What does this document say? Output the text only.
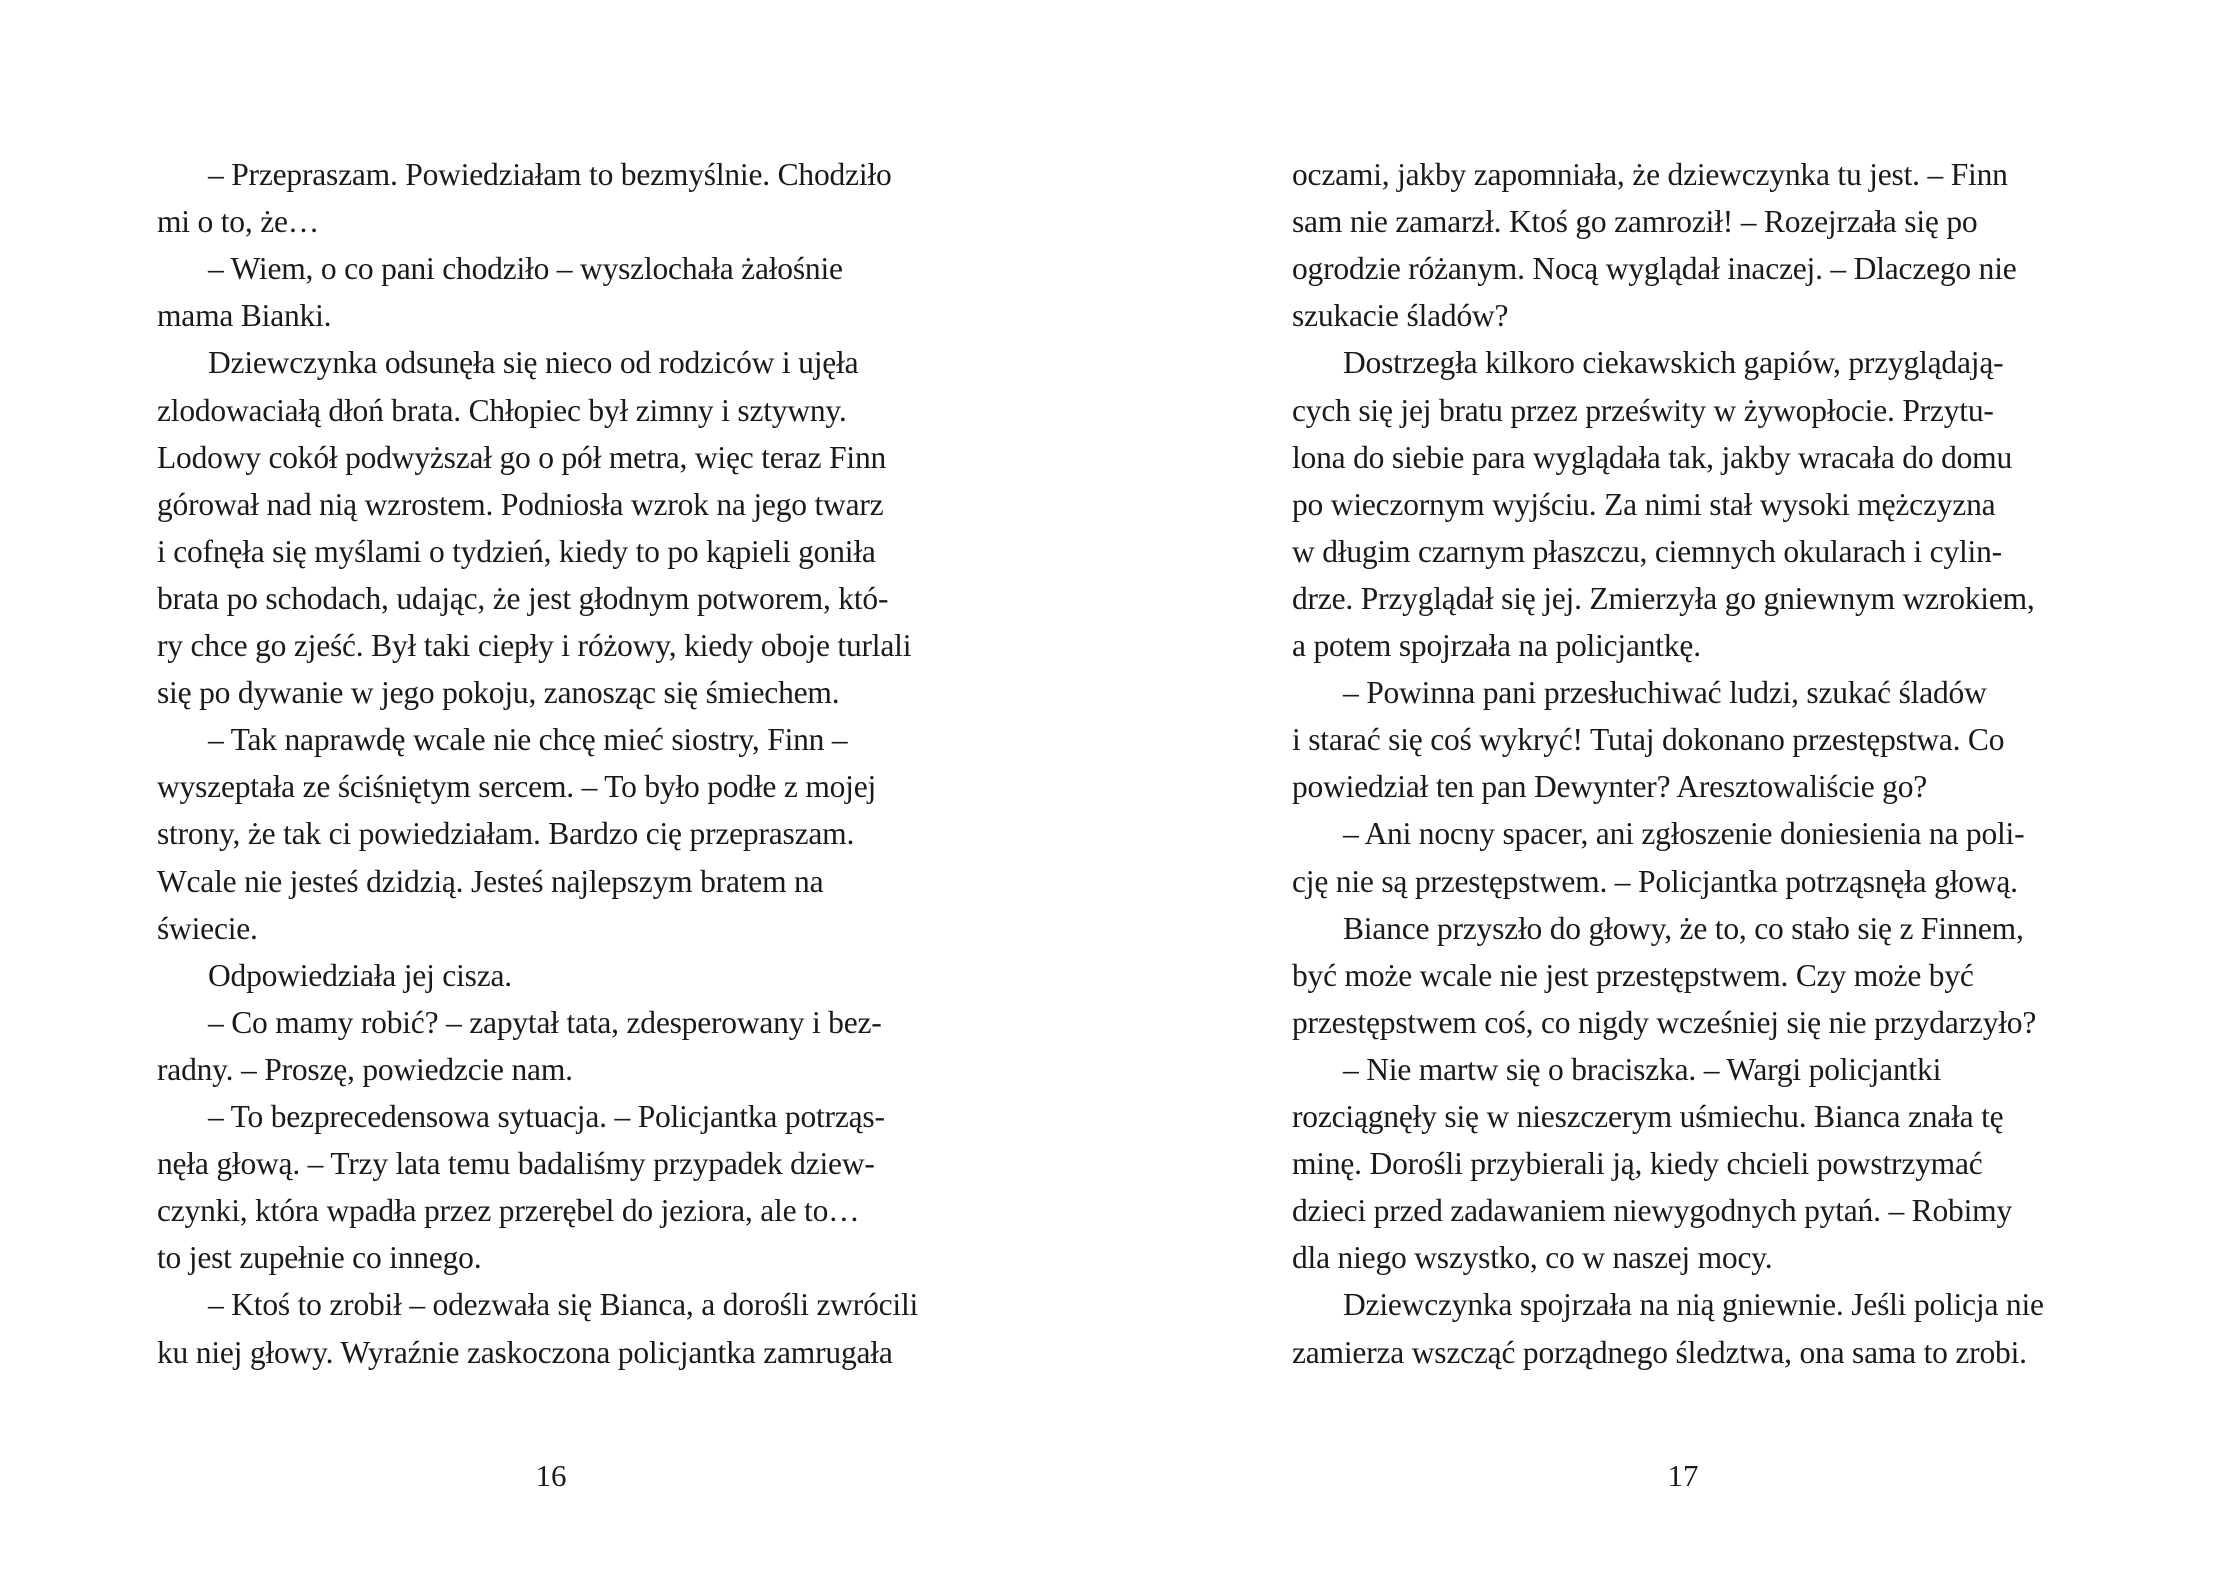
– Przepraszam. Powiedziałam to bezmyślnie. Chodziło
mi o to, że…
– Wiem, o co pani chodziło – wyszlochała żałośnie
mama Bianki.
Dziewczynka odsunęła się nieco od rodziców i ujęła
zlodowaciałą dłoń brata. Chłopiec był zimny i sztywny.
Lodowy cokół podwyższał go o pół metra, więc teraz Finn
górował nad nią wzrostem. Podniosła wzrok na jego twarz
i cofnęła się myślami o tydzień, kiedy to po kąpieli goniła
brata po schodach, udając, że jest głodnym potworem, któ-
ry chce go zjeść. Był taki ciepły i różowy, kiedy oboje turlali
się po dywanie w jego pokoju, zanosząc się śmiechem.
– Tak naprawdę wcale nie chcę mieć siostry, Finn –
wyszeptała ze ściśniętym sercem. – To było podłe z mojej
strony, że tak ci powiedziałam. Bardzo cię przepraszam.
Wcale nie jesteś dzidzią. Jesteś najlepszym bratem na
świecie.
Odpowiedziała jej cisza.
– Co mamy robić? – zapytał tata, zdesperowany i bez-
radny. – Proszę, powiedzcie nam.
– To bezprecedensowa sytuacja. – Policjantka potrząs-
nęła głową. – Trzy lata temu badaliśmy przypadek dziew-
czynki, która wpadła przez przerębel do jeziora, ale to…
to jest zupełnie co innego.
– Ktoś to zrobił – odezwała się Bianca, a dorośli zwrócili
ku niej głowy. Wyraźnie zaskoczona policjantka zamrugała
16
oczami, jakby zapomniała, że dziewczynka tu jest. – Finn
sam nie zamarzł. Ktoś go zamroził! – Rozejrzała się po
ogrodzie różanym. Nocą wyglądał inaczej. – Dlaczego nie
szukacie śladów?
Dostrzegła kilkoro ciekawskich gapiów, przyglądają-
cych się jej bratu przez prześwity w żywopłocie. Przytu-
lona do siebie para wyglądała tak, jakby wracała do domu
po wieczornym wyjściu. Za nimi stał wysoki mężczyzna
w długim czarnym płaszczu, ciemnych okularach i cylin-
drze. Przyglądał się jej. Zmierzyła go gniewnym wzrokiem,
a potem spojrzała na policjantkę.
– Powinna pani przesłuchiwać ludzi, szukać śladów
i starać się coś wykryć! Tutaj dokonano przestępstwa. Co
powiedział ten pan Dewynter? Aresztowaliście go?
– Ani nocny spacer, ani zgłoszenie doniesienia na poli-
cję nie są przestępstwem. – Policjantka potrząsnęła głową.
Biance przyszło do głowy, że to, co stało się z Finnem,
być może wcale nie jest przestępstwem. Czy może być
przestępstwem coś, co nigdy wcześniej się nie przydarzyło?
– Nie martw się o braciszka. – Wargi policjantki
rozciągnęły się w nieszczerym uśmiechu. Bianca znała tę
minę. Dorośli przybierali ją, kiedy chcieli powstrzymać
dzieci przed zadawaniem niewygodnych pytań. – Robimy
dla niego wszystko, co w naszej mocy.
Dziewczynka spojrzała na nią gniewnie. Jeśli policja nie
zamierza wszcząć porządnego śledztwa, ona sama to zrobi.
17
